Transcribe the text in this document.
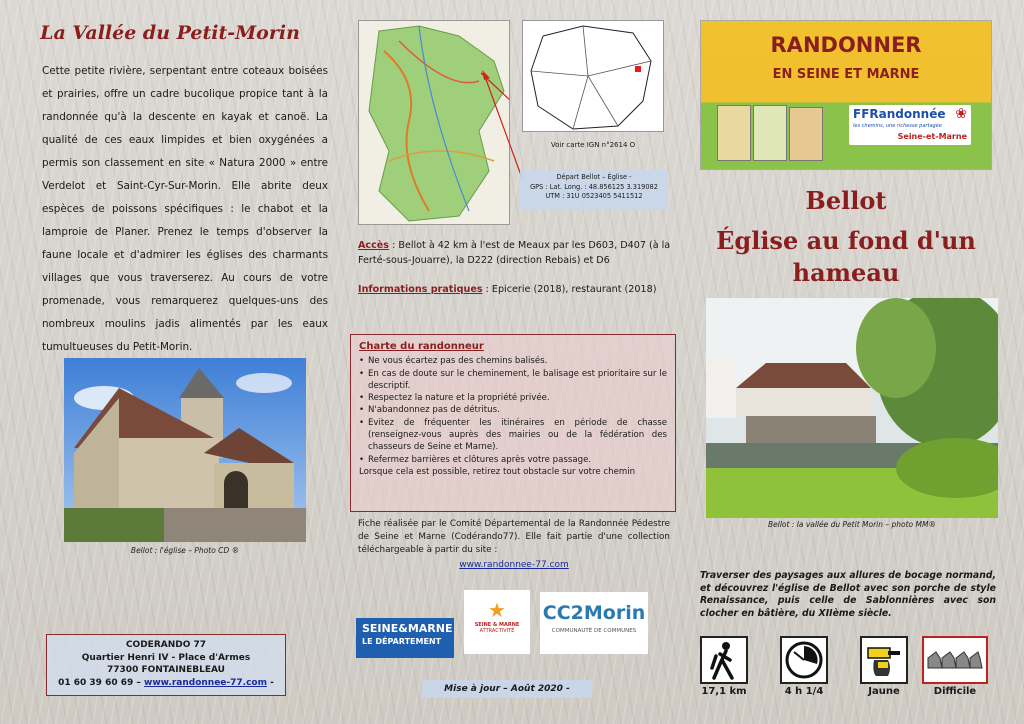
La Vallée du Petit-Morin
Cette petite rivière, serpentant entre coteaux boisées et prairies, offre un cadre bucolique propice tant à la randonnée qu'à la descente en kayak et canoë. La qualité de ces eaux limpides et bien oxygénées a permis son classement en site « Natura 2000 » entre Verdelot et Saint-Cyr-Sur-Morin. Elle abrite deux espèces de poissons spécifiques : le chabot et la lamproie de Planer. Prenez le temps d'observer la faune locale et d'admirer les églises des charmants villages que vous traverserez. Au cours de votre promenade, vous remarquerez quelques-uns des nombreux moulins jadis alimentés par les eaux tumultueuses du Petit-Morin.
Bellot : l'église – Photo CD ®
CODERANDO 77
Quartier Henri IV - Place d'Armes
77300 FONTAINEBLEAU
01 60 39 60 69 – www.randonnee-77.com -
Voir carte IGN n°2614 O
Départ Bellot – Église -
GPS : Lat. Long. : 48.856125 3.319082
UTM : 31U 0523405 5411512
Accès : Bellot à 42 km à l'est de Meaux par les D603, D407 (à la Ferté-sous-Jouarre), la D222 (direction Rebais) et D6
Informations pratiques : Epicerie (2018), restaurant (2018)
Charte du randonneur
• Ne vous écartez pas des chemins balisés.
• En cas de doute sur le cheminement, le balisage est prioritaire sur le descriptif.
• Respectez la nature et la propriété privée.
• N'abandonnez pas de détritus.
• Evitez de fréquenter les itinéraires en période de chasse (renseignez-vous auprès des mairies ou de la fédération des chasseurs de Seine et Marne).
• Refermez barrières et clôtures après votre passage.
Lorsque cela est possible, retirez tout obstacle sur votre chemin
Fiche réalisée par le Comité Départemental de la Randonnée Pédestre de Seine et Marne (Codérando77). Elle fait partie d'une collection téléchargeable à partir du site :
www.randonnee-77.com
SEINE&MARNE
LE DÉPARTEMENT
★
SEINE & MARNE
ATTRACTIVITÉ
CC2Morin
COMMUNAUTÉ DE COMMUNES
Mise à jour – Août 2020 -
RANDONNER
EN SEINE ET MARNE
FFRandonnée
les chemins, une richesse partagée
Seine-et-Marne
❀
Bellot
Église au fond d'un
hameau
Bellot : la vallée du Petit Morin – photo MM®
Traverser des paysages aux allures de bocage normand, et découvrez l'église de Bellot avec son porche de style Renaissance, puis celle de Sablonnières avec son clocher en bâtière, du XIIème siècle.
17,1 km	4 h 1/4	Jaune	Difficile
